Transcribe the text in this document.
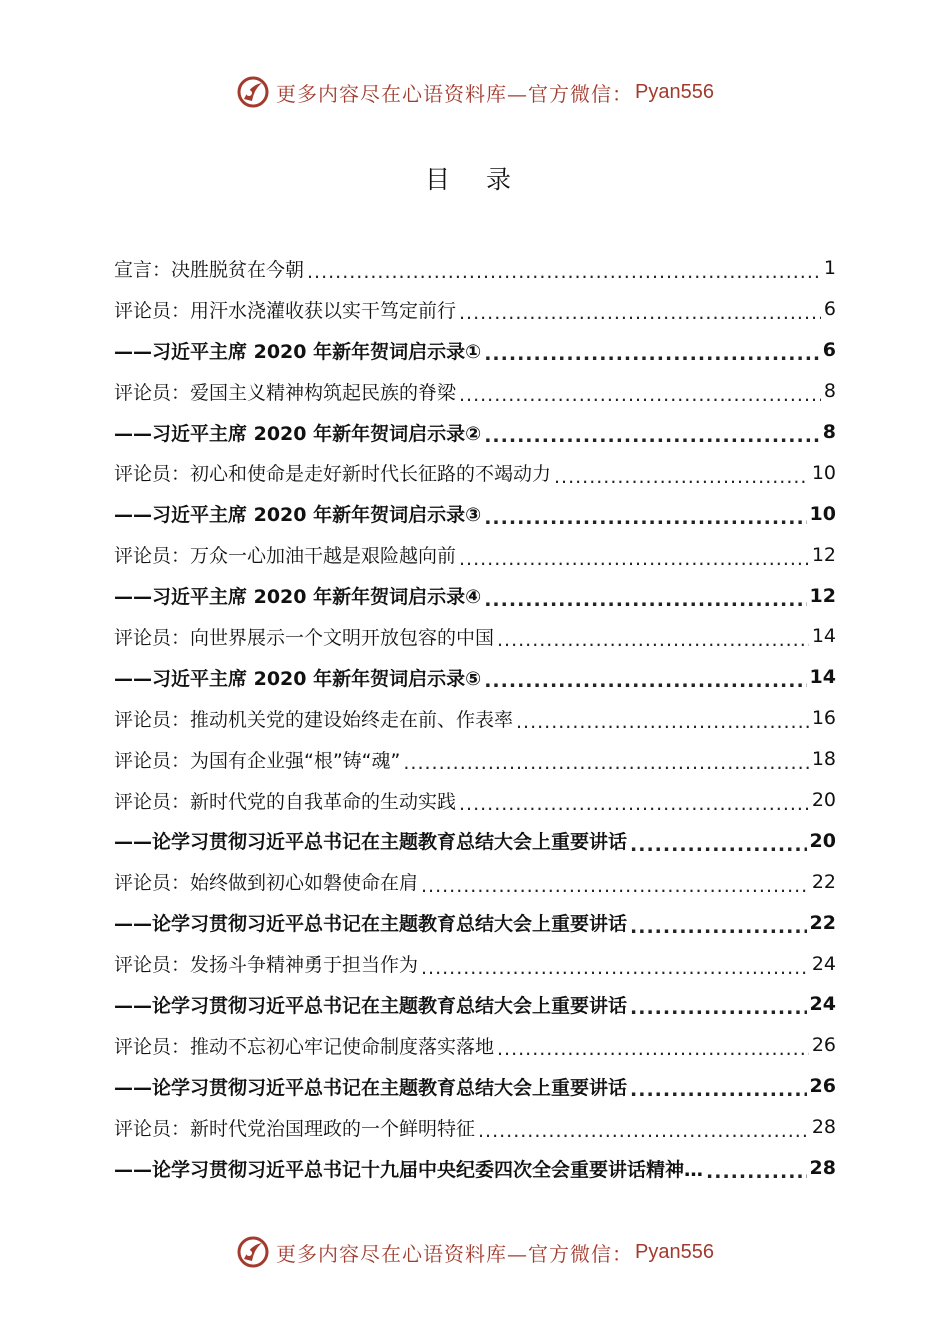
更多内容尽在心语资料库—官方微信： Pyan556
目 录
宣言：决胜脱贫在今朝 .....	1
评论员：用汗水浇灌收获以实干笃定前行 .....	6
——习近平主席 2020 年新年贺词启示录① .....	6
评论员：爱国主义精神构筑起民族的脊梁 .....	8
——习近平主席 2020 年新年贺词启示录② .....	8
评论员：初心和使命是走好新时代长征路的不竭动力 .....	10
——习近平主席 2020 年新年贺词启示录③ .....	10
评论员：万众一心加油干越是艰险越向前 .....	12
——习近平主席 2020 年新年贺词启示录④ .....	12
评论员：向世界展示一个文明开放包容的中国 .....	14
——习近平主席 2020 年新年贺词启示录⑤ .....	14
评论员：推动机关党的建设始终走在前、作表率 .....	16
评论员：为国有企业强“根”铸“魂” .....	18
评论员：新时代党的自我革命的生动实践 .....	20
——论学习贯彻习近平总书记在主题教育总结大会上重要讲话 .....	20
评论员：始终做到初心如磐使命在肩 .....	22
——论学习贯彻习近平总书记在主题教育总结大会上重要讲话 .....	22
评论员：发扬斗争精神勇于担当作为 .....	24
——论学习贯彻习近平总书记在主题教育总结大会上重要讲话 .....	24
评论员：推动不忘初心牢记使命制度落实落地 .....	26
——论学习贯彻习近平总书记在主题教育总结大会上重要讲话 .....	26
评论员：新时代党治国理政的一个鲜明特征 .....	28
——论学习贯彻习近平总书记十九届中央纪委四次全会重要讲话精神… .....	28
更多内容尽在心语资料库—官方微信： Pyan556
